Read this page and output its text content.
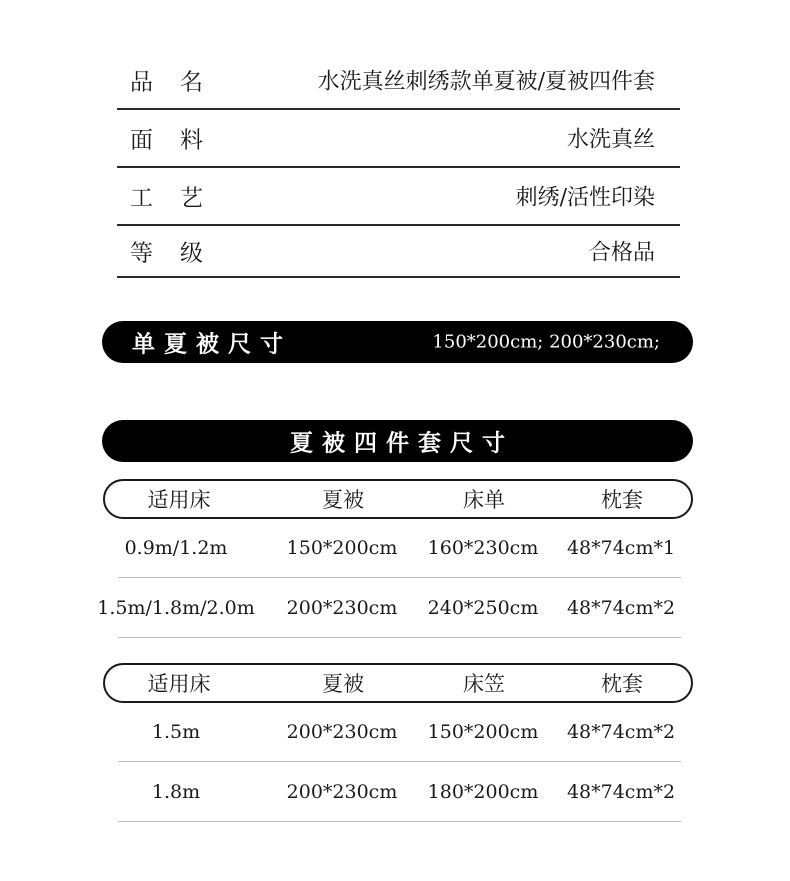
品 名	水洗真丝刺绣款单夏被/夏被四件套
面 料	水洗真丝
工 艺	刺绣/活性印染
等 级	合格品
单夏被尺寸	150*200cm; 200*230cm;
夏被四件套尺寸
适用床	夏被	床单	枕套
0.9m/1.2m	150*200cm 160*230cm 48*74cm*1
1.5m/1.8m/2.0m 200*230cm 240*250cm 48*74cm*2
适用床	夏被	床笠	枕套
1.5m	200*230cm 150*200cm 48*74cm*2
1.8m	200*230cm 180*200cm 48*74cm*2
